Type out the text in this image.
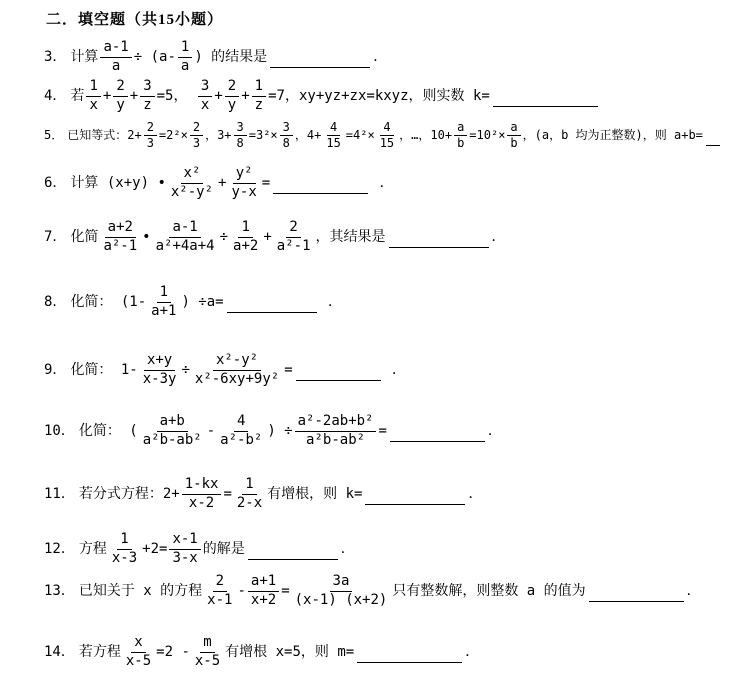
二．填空题（共15小题）
3． 计算 $\frac{a-1}{a} \div (a- \frac{1}{a}$ ) 的结果是	．
4． 若 $\frac{1}{x} + \frac{2}{y} + \frac{3}{z} =5$， $\frac{3}{x} + \frac{2}{y} + \frac{1}{z} =7$，xy+yz+zx=kxyz，则实数 k=
5． 已知等式：$2+ \frac{2}{3} =2^2\times \frac{2}{3}$ ，$3+ \frac{3}{8} =3^2\times \frac{3}{8}$ ，$4+ \frac{4}{15} =4^2\times \frac{4}{15}$ ，…，$10+ \frac{a}{b} =10^2\times \frac{a}{b}$ ，(a，b 均为正整数)，则 a+b=
6． 计算 (x+y) • $\frac{\text{x²}}{\text{x²-y²}} + \frac{\text{y²}}{y-x}$ =	．
7． 化简 $\frac{a+2}{\text{a²-1}}$ • $\frac{a-1}{\text{a²+4a+4}} \div \frac{1}{a+2} + \frac{2}{\text{a²-1}}$ ，其结果是	．
8． 化简： ($1- \frac{1}{a+1}$ ) ÷a=	．
9． 化简： $1- \frac{x+y}{x-3y} \div \frac{\text{x²-y²}}{\text{x²-6xy+9y²}}$ =	．
10． 化简： ( $\frac{a+b}{\text{a²b-ab²}} - \frac{4}{\text{a²-b²}}$ ) ÷ $\frac{\text{a²-2ab+b²}}{\text{a²b-ab²}}$ =	．
11． 若分式方程：$2+ \frac{1-kx}{x-2} = \frac{1}{2-x}$ 有增根，则 k=	．
12． 方程 $\frac{1}{x-3} +2= \frac{x-1}{3-x}$ 的解是	．
13． 已知关于 x 的方程 $\frac{2}{x-1} - \frac{a+1}{x+2} = \frac{3a}{(x-1) (x+2)}$ 只有整数解，则整数 a 的值为	．
14． 若方程 $\frac{x}{x-5} =2 - \frac{m}{x-5}$ 有增根 x=5，则 m=	．
